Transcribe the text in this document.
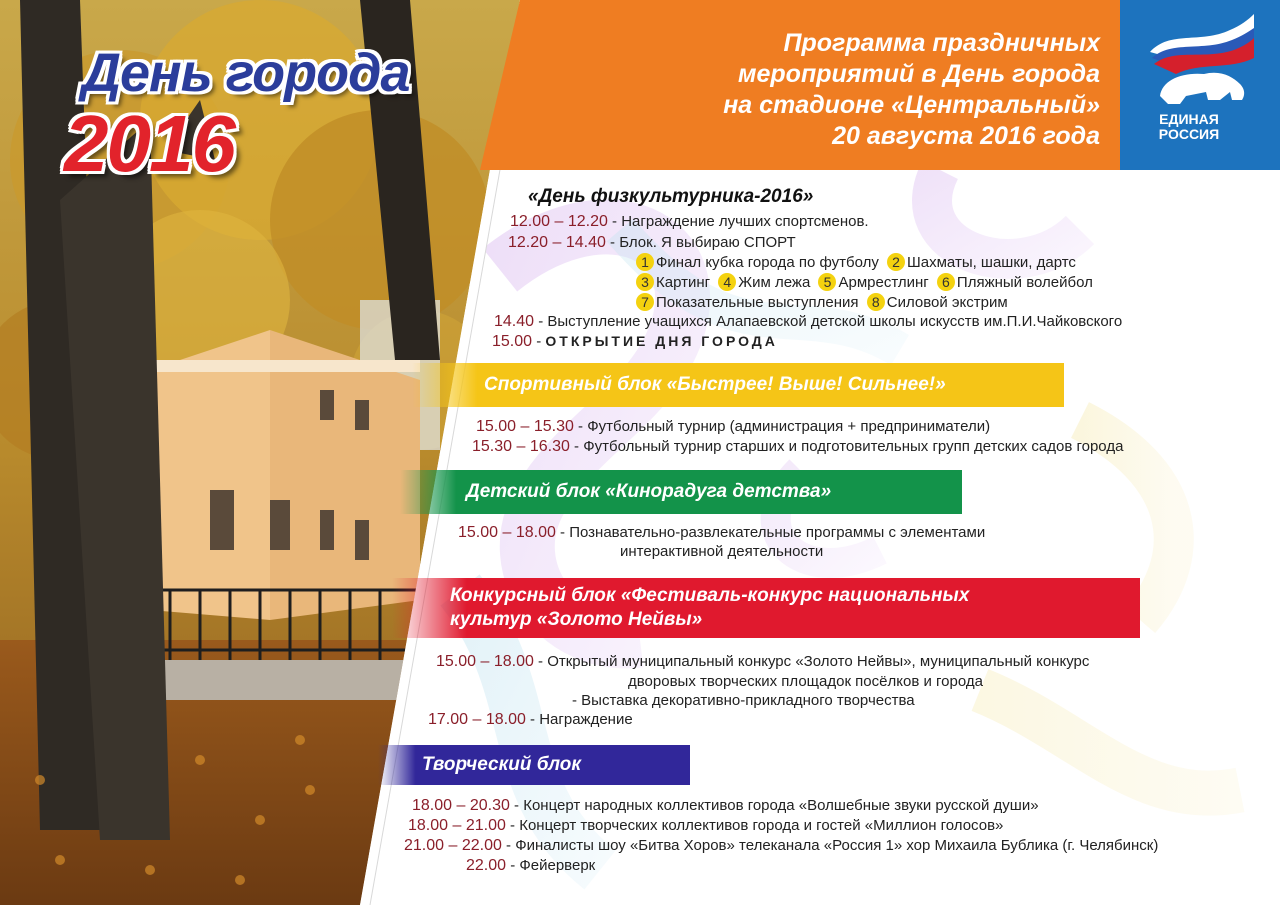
Программа праздничных
мероприятий в День города
на стадионе «Центральный»
20 августа 2016 года
ЕДИНАЯ
РОССИЯ
День города
2016
«День физкультурника-2016»
12.00 – 12.20 - Награждение лучших спортсменов.
12.20 – 14.40 - Блок. Я выбираю СПОРТ
1 Финал кубка города по футболу 2 Шахматы, шашки, дартс
3 Картинг 4 Жим лежа 5 Армрестлинг 6 Пляжный волейбол
7 Показательные выступления 8 Силовой экстрим
14.40 - Выступление учащихся Алапаевской детской школы искусств им.П.И.Чайковского
15.00 - ОТКРЫТИЕ ДНЯ ГОРОДА
Спортивный блок «Быстрее! Выше! Сильнее!»
15.00 – 15.30 - Футбольный турнир (администрация + предприниматели)
15.30 – 16.30 - Футбольный турнир старших и подготовительных групп детских садов города
Детский блок «Кинорадуга детства»
15.00 – 18.00 - Познавательно-развлекательные программы с элементами
интерактивной деятельности
Конкурсный блок «Фестиваль-конкурс национальных
культур «Золото Нейвы»
15.00 – 18.00 - Открытый муниципальный конкурс «Золото Нейвы», муниципальный конкурс
дворовых творческих площадок посёлков и города
- Выставка декоративно-прикладного творчества
17.00 – 18.00 - Награждение
Творческий блок
18.00 – 20.30 - Концерт народных коллективов города «Волшебные звуки русской души»
18.00 – 21.00 - Концерт творческих коллективов города и гостей «Миллион голосов»
21.00 – 22.00 - Финалисты шоу «Битва Хоров» телеканала «Россия 1» хор Михаила Бублика (г. Челябинск)
22.00 - Фейерверк
